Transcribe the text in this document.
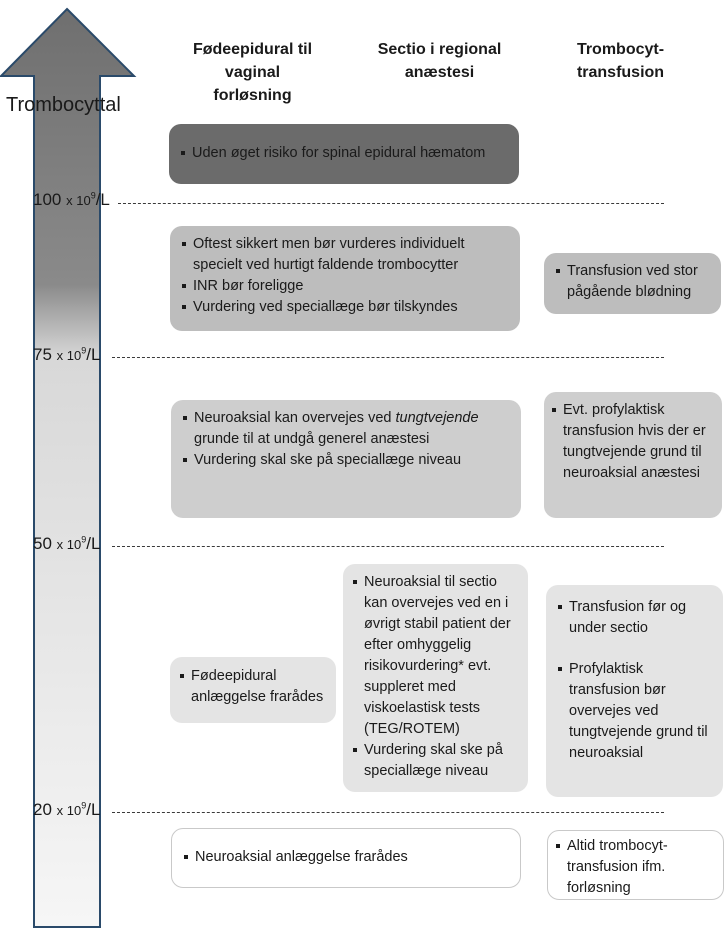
Trombocyttal
Fødeepidural til
vaginal
forløsning
Sectio i regional
anæstesi
Trombocyt-
transfusion
100 x $10^9/L$
75 x $10^9/L$
50 x $10^9/L$
20 x $10^9/L$
Uden øget risiko for spinal epidural hæmatom
Oftest sikkert men bør vurderes individuelt specielt ved hurtigt faldende trombocytter
INR bør foreligge
Vurdering ved speciallæge bør tilskyndes
Transfusion ved stor pågående blødning
Neuroaksial kan overvejes ved tungtvejende grunde til at undgå generel anæstesi
Vurdering skal ske på speciallæge niveau
Evt. profylaktisk transfusion hvis der er tungtvejende grund til neuroaksial anæstesi
Fødeepidural anlæggelse frarådes
Neuroaksial til sectio kan overvejes ved en i øvrigt stabil patient der efter omhyggelig risikovurdering* evt. suppleret med viskoelastisk tests (TEG/ROTEM)
Vurdering skal ske på speciallæge niveau
Transfusion før og under sectio
Profylaktisk transfusion bør overvejes ved tungtvejende grund til neuroaksial
Neuroaksial anlæggelse frarådes
Altid trombocyt-transfusion ifm. forløsning
